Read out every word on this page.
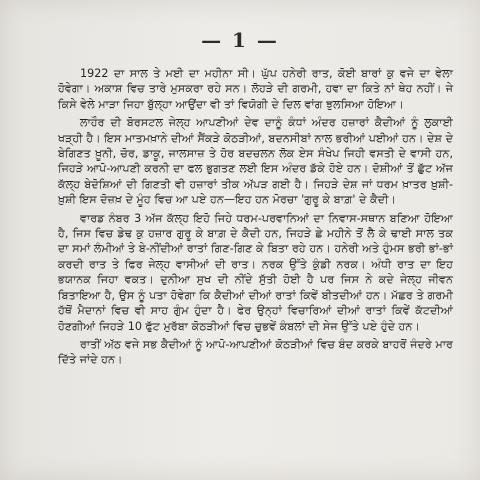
— 1 —

1922 ਦਾ ਸਾਲ ਤੇ ਮਈ ਦਾ ਮਹੀਨਾ ਸੀ। ਘੁੱਪ ਹਨੇਰੀ ਰਾਤ, ਕੋਈ ਬਾਰਾਂ ਕੁ ਵਜੇ ਦਾ ਵੇਲਾ ਹੋਵੇਗਾ। ਅਕਾਸ਼ ਵਿਚ ਤਾਰੇ ਮੁਸਕਰਾ ਰਹੇ ਸਨ। ਲੋਹੜੇ ਦੀ ਗਰਮੀ, ਹਵਾ ਦਾ ਕਿਤੇ ਨਾਂ ਥੇਹ ਨਹੀਂ। ਜੇ ਕਿਸੇ ਵੇਲੇ ਮਾੜਾ ਜਿਹਾ ਬੁੱਲ੍ਹਾ ਆਉਂਦਾ ਵੀ ਤਾਂ ਵਿਯੋਗੀ ਦੇ ਦਿਲ ਵਾਂਗ ਝੁਲਸਿਆ ਹੋਇਆ।

ਲਾਹੌਰ ਦੀ ਬੋਰਸਟਲ ਜੇਲ੍ਹ ਆਪਣੀਆਂ ਦੇਵ ਦਾਨੂੰ ਕੰਧਾਂ ਅੰਦਰ ਹਜ਼ਾਰਾਂ ਕੈਦੀਆਂ ਨੂੰ ਲੁਕਾਈ ਖੜ੍ਹੀ ਹੈ। ਇਸ ਮਾਤਮਖ਼ਾਨੇ ਦੀਆਂ ਸੈਂਕੜੇ ਕੋਠੜੀਆਂ, ਬਦਨਸੀਬਾਂ ਨਾਲ ਭਰੀਆਂ ਪਈਆਂ ਹਨ। ਦੇਸ਼ ਦੇ ਬੇਗਿਣਤ ਖ਼ੂਨੀ, ਚੋਰ, ਡਾਕੂ, ਜਾਲਸਾਜ਼ ਤੇ ਹੋਰ ਬਦਚਲਨ ਲੋਕ ਏਸ ਸੰਖੇਪ ਜਿਹੀ ਵਸਤੀ ਦੇ ਵਾਸੀ ਹਨ, ਜਿਹੜੇ ਆਪੋ-ਆਪਣੀ ਕਰਨੀ ਦਾ ਫਲ ਭੁਗਤਣ ਲਈ ਇਸ ਅੰਦਰ ਡੱਕੇ ਹੋਏ ਹਨ। ਦੋਸ਼ੀਆਂ ਤੋਂ ਛੁੱਟ ਅੱਜ ਕੱਲ੍ਹ ਬੇਦੋਸ਼ਿਆਂ ਦੀ ਗਿਣਤੀ ਵੀ ਹਜ਼ਾਰਾਂ ਤੀਕ ਅੱਪੜ ਗਈ ਹੈ। ਜਿਹੜੇ ਦੇਸ਼ ਜਾਂ ਧਰਮ ਖ਼ਾਤਰ ਖ਼ੁਸ਼ੀ-ਖ਼ੁਸ਼ੀ ਇਸ ਦੋਜ਼ਖ਼ ਦੇ ਮੂੰਹ ਵਿਚ ਆ ਪਏ ਹਨ—ਇਹ ਹਨ ਮੋਰਚਾ 'ਗੁਰੂ ਕੇ ਬਾਗ਼' ਦੇ ਕੈਦੀ।

ਵਾਰਡ ਨੰਬਰ 3 ਅੱਜ ਕੱਲ੍ਹ ਇਹੋ ਜਿਹੇ ਧਰਮ-ਪਰਵਾਨਿਆਂ ਦਾ ਨਿਵਾਸ-ਸਥਾਨ ਬਣਿਆ ਹੋਇਆ ਹੈ, ਜਿਸ ਵਿਚ ਡੇਢ ਕੁ ਹਜ਼ਾਰ ਗੁਰੂ ਕੇ ਬਾਗ਼ ਦੇ ਕੈਦੀ ਹਨ, ਜਿਹੜੇ ਛੇ ਮਹੀਨੇ ਤੋਂ ਲੈ ਕੇ ਢਾਈ ਸਾਲ ਤਕ ਦਾ ਸਮਾਂ ਲੰਮੀਆਂ ਤੇ ਬੇ-ਨੀਂਦੀਆਂ ਰਾਤਾਂ ਗਿਣ-ਗਿਣ ਕੇ ਬਿਤਾ ਰਹੇ ਹਨ। ਹਨੇਰੀ ਅਤੇ ਹੁੰਮਸ ਭਰੀ ਭਾਂ-ਭਾਂ ਕਰਦੀ ਰਾਤ ਤੇ ਫਿਰ ਜੇਲ੍ਹ ਵਾਸੀਆਂ ਦੀ ਰਾਤ। ਨਰਕ ਉੱਤੇ ਕੁੰਡੀ ਨਰਕ। ਅੰਧੀ ਰਾਤ ਦਾ ਇਹ ਭਯਾਨਕ ਜਿਹਾ ਵਕਤ। ਦੁਨੀਆ ਸੁਖ ਦੀ ਨੀਂਦੇ ਸੁੱਤੀ ਹੋਈ ਹੈ ਪਰ ਜਿਸ ਨੇ ਕਦੇ ਜੇਲ੍ਹ ਜੀਵਨ ਬਿਤਾਇਆ ਹੈ, ਉਸ ਨੂੰ ਪਤਾ ਹੋਵੇਗਾ ਕਿ ਕੈਦੀਆਂ ਦੀਆਂ ਰਾਤਾਂ ਕਿਵੇਂ ਬੀਤਦੀਆਂ ਹਨ। ਮੱਛਰ ਤੇ ਗਰਮੀ ਹੱਥੋਂ ਮੈਦਾਨਾਂ ਵਿਚ ਵੀ ਸਾਹ ਗੁੰਮ ਹੁੰਦਾ ਹੈ। ਫੇਰ ਉਨ੍ਹਾਂ ਵਿਚਾਰਿਆਂ ਦੀਆਂ ਰਾਤਾਂ ਕਿਵੇਂ ਕੱਟਦੀਆਂ ਹੋਣਗੀਆਂ ਜਿਹੜੇ 10 ਫੁੱਟ ਮੁਰੱਬਾ ਕੋਠੜੀਆਂ ਵਿਚ ਚੁਭਵੇਂ ਕੰਬਲਾਂ ਦੀ ਸੇਜ ਉੱਤੇ ਪਏ ਹੁੰਦੇ ਹਨ।

ਰਾਤੀਂ ਅੱਠ ਵਜੇ ਸਭ ਕੈਦੀਆਂ ਨੂੰ ਆਪੋ-ਆਪਣੀਆਂ ਕੋਠੜੀਆਂ ਵਿਚ ਬੰਦ ਕਰਕੇ ਬਾਹਰੋਂ ਜੰਦਰੇ ਮਾਰ ਦਿੱਤੇ ਜਾਂਦੇ ਹਨ।
